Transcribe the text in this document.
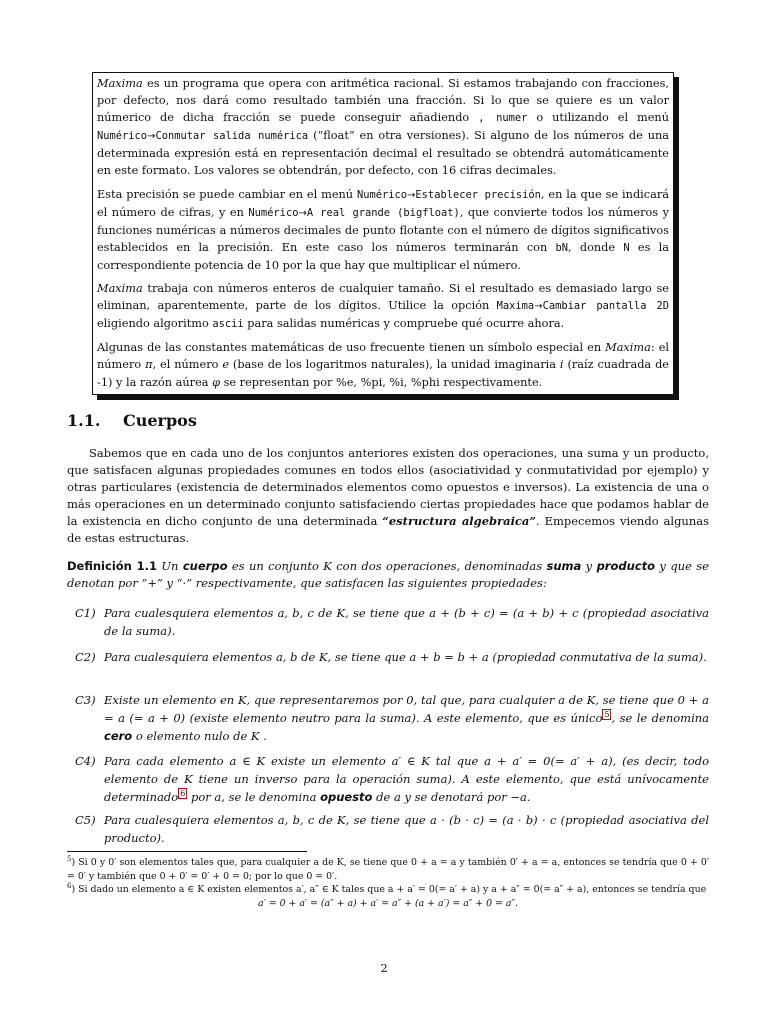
Maxima es un programa que opera con aritmética racional. Si estamos trabajando con fracciones, por defecto, nos dará como resultado también una fracción. Si lo que se quiere es un valor númerico de dicha fracción se puede conseguir añadiendo , numer o utilizando el menú Numérico→Conmutar salida numérica (“float” en otra versiones). Si alguno de los números de una determinada expresión está en representación decimal el resultado se obtendrá automáticamente en este formato. Los valores se obtendrán, por defecto, con 16 cifras decimales.

Esta precisión se puede cambiar en el menú Numérico→Establecer precisión, en la que se indicará el número de cifras, y en Numérico→A real grande (bigfloat), que convierte todos los números y funciones numéricas a números decimales de punto flotante con el número de dígitos significativos establecidos en la precisión. En este caso los números terminarán con bN, donde N es la correspondiente potencia de 10 por la que hay que multiplicar el número.

Maxima trabaja con números enteros de cualquier tamaño. Si el resultado es demasiado largo se eliminan, aparentemente, parte de los dígitos. Utilice la opción Maxima→Cambiar pantalla 2D eligiendo algoritmo ascii para salidas numéricas y compruebe qué ocurre ahora.

Algunas de las constantes matemáticas de uso frecuente tienen un símbolo especial en Maxima: el número π, el número e (base de los logaritmos naturales), la unidad imaginaria i (raíz cuadrada de -1) y la razón aúrea φ se representan por %e, %pi, %i, %phi respectivamente.

1.1. Cuerpos

Sabemos que en cada uno de los conjuntos anteriores existen dos operaciones, una suma y un producto, que satisfacen algunas propiedades comunes en todos ellos (asociatividad y conmutatividad por ejemplo) y otras particulares (existencia de determinados elementos como opuestos e inversos). La existencia de una o más operaciones en un determinado conjunto satisfaciendo ciertas propiedades hace que podamos hablar de la existencia en dicho conjunto de una determinada “estructura algebraica”. Empecemos viendo algunas de estas estructuras.

Definición 1.1 Un cuerpo es un conjunto K con dos operaciones, denominadas suma y producto y que se denotan por “+” y “·” respectivamente, que satisfacen las siguientes propiedades:

C1) Para cualesquiera elementos a, b, c de K, se tiene que a + (b + c) = (a + b) + c (propiedad asociativa de la suma).

C2) Para cualesquiera elementos a, b de K, se tiene que a + b = b + a (propiedad conmutativa de la suma).

C3) Existe un elemento en K, que representaremos por 0, tal que, para cualquier a de K, se tiene que 0 + a = a (= a + 0) (existe elemento neutro para la suma). A este elemento, que es único 5 , se le denomina cero o elemento nulo de K .

C4) Para cada elemento a ∈ K existe un elemento a′ ∈ K tal que a + a′ = 0(= a′ + a), (es decir, todo elemento de K tiene un inverso para la operación suma). A este elemento, que está unívocamente determinado 6 por a, se le denomina opuesto de a y se denotará por −a.

C5) Para cualesquiera elementos a, b, c de K, se tiene que a · (b · c) = (a · b) · c (propiedad asociativa del producto).

$^5$) Si 0 y 0′ son elementos tales que, para cualquier a de K, se tiene que 0 + a = a y también 0′ + a = a, entonces se tendría que 0 + 0′ = 0′ y también que 0 + 0′ = 0′ + 0 = 0; por lo que 0 = 0′.

$^6$) Si dado un elemento a ∈ K existen elementos a′, a″ ∈ K tales que a + a′ = 0(= a′ + a) y a + a″ = 0(= a″ + a), entonces se tendría que
a′ = 0 + a′ = (a″ + a) + a′ = a″ + (a + a′) = a″ + 0 = a″.

2
